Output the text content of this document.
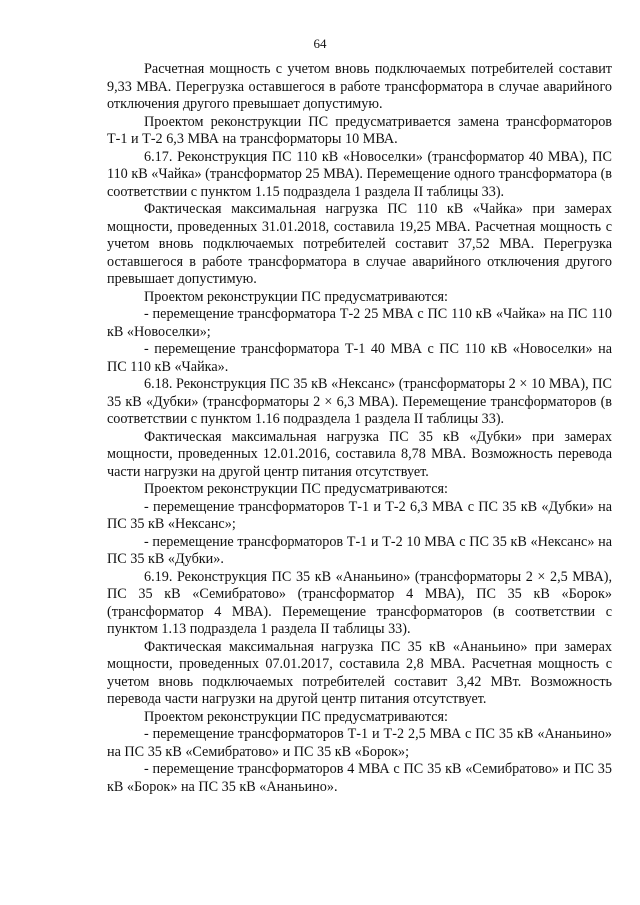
64

Расчетная мощность с учетом вновь подключаемых потребителей составит 9,33 МВА. Перегрузка оставшегося в работе трансформатора в случае аварийного отключения другого превышает допустимую.

Проектом реконструкции ПС предусматривается замена трансформаторов Т-1 и Т-2 6,3 МВА на трансформаторы 10 МВА.

6.17. Реконструкция ПС 110 кВ «Новоселки» (трансформатор 40 МВА), ПС 110 кВ «Чайка» (трансформатор 25 МВА). Перемещение одного трансформатора (в соответствии с пунктом 1.15 подраздела 1 раздела II таблицы 33).

Фактическая максимальная нагрузка ПС 110 кВ «Чайка» при замерах мощности, проведенных 31.01.2018, составила 19,25 МВА. Расчетная мощность с учетом вновь подключаемых потребителей составит 37,52 МВА. Перегрузка оставшегося в работе трансформатора в случае аварийного отключения другого превышает допустимую.

Проектом реконструкции ПС предусматриваются:

- перемещение трансформатора Т-2 25 МВА с ПС 110 кВ «Чайка» на ПС 110 кВ «Новоселки»;

- перемещение трансформатора Т-1 40 МВА с ПС 110 кВ «Новоселки» на ПС 110 кВ «Чайка».

6.18. Реконструкция ПС 35 кВ «Нексанс» (трансформаторы 2 × 10 МВА), ПС 35 кВ «Дубки» (трансформаторы 2 × 6,3 МВА). Перемещение трансформаторов (в соответствии с пунктом 1.16 подраздела 1 раздела II таблицы 33).

Фактическая максимальная нагрузка ПС 35 кВ «Дубки» при замерах мощности, проведенных 12.01.2016, составила 8,78 МВА. Возможность перевода части нагрузки на другой центр питания отсутствует.

Проектом реконструкции ПС предусматриваются:

- перемещение трансформаторов Т-1 и Т-2 6,3 МВА с ПС 35 кВ «Дубки» на ПС 35 кВ «Нексанс»;

- перемещение трансформаторов Т-1 и Т-2 10 МВА с ПС 35 кВ «Нексанс» на ПС 35 кВ «Дубки».

6.19. Реконструкция ПС 35 кВ «Ананьино» (трансформаторы 2 × 2,5 МВА), ПС 35 кВ «Семибратово» (трансформатор 4 МВА), ПС 35 кВ «Борок» (трансформатор 4 МВА). Перемещение трансформаторов (в соответствии с пунктом 1.13 подраздела 1 раздела II таблицы 33).

Фактическая максимальная нагрузка ПС 35 кВ «Ананьино» при замерах мощности, проведенных 07.01.2017, составила 2,8 МВА. Расчетная мощность с учетом вновь подключаемых потребителей составит 3,42 МВт. Возможность перевода части нагрузки на другой центр питания отсутствует.

Проектом реконструкции ПС предусматриваются:

- перемещение трансформаторов Т-1 и Т-2 2,5 МВА с ПС 35 кВ «Ананьино» на ПС 35 кВ «Семибратово» и ПС 35 кВ «Борок»;

- перемещение трансформаторов 4 МВА с ПС 35 кВ «Семибратово» и ПС 35 кВ «Борок» на ПС 35 кВ «Ананьино».
